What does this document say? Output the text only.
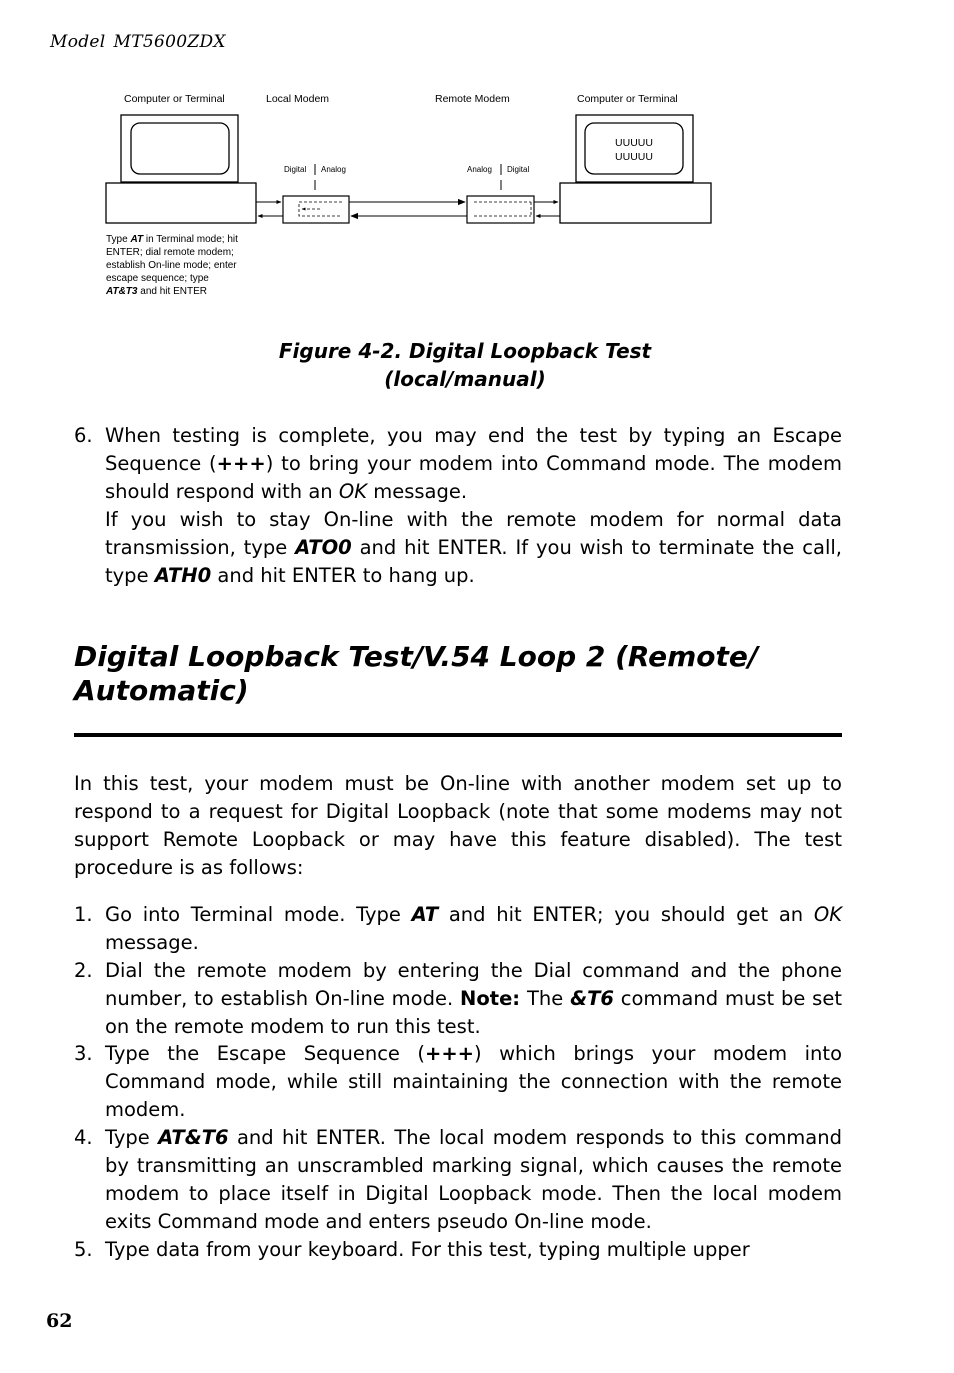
Model MT5600ZDX
Computer or Terminal	Local Modem	Remote Modem	Computer or Terminal
UUUUU
UUUUU
Digital Analog	Analog Digital
Type AT in Terminal mode; hit
ENTER; dial remote modem;
establish On-line mode; enter
escape sequence; type
AT&T3 and hit ENTER
Figure 4-2. Digital Loopback Test
(local/manual)
6. When testing is complete, you may end the test by typing an Escape Sequence (+++) to bring your modem into Command mode. The modem should respond with an OK message.

If you wish to stay On-line with the remote modem for normal data transmission, type ATO0 and hit ENTER. If you wish to terminate the call, type ATH0 and hit ENTER to hang up.

Digital Loopback Test/V.54 Loop 2 (Remote/
Automatic)

In this test, your modem must be On-line with another modem set up to respond to a request for Digital Loopback (note that some modems may not support Remote Loopback or may have this feature disabled). The test procedure is as follows:

1. Go into Terminal mode. Type AT and hit ENTER; you should get an OK message.

2. Dial the remote modem by entering the Dial command and the phone number, to establish On-line mode. Note: The &T6 command must be set on the remote modem to run this test.

3. Type the Escape Sequence (+++) which brings your modem into Command mode, while still maintaining the connection with the remote modem.

4. Type AT&T6 and hit ENTER. The local modem responds to this command by transmitting an unscrambled marking signal, which causes the remote modem to place itself in Digital Loopback mode. Then the local modem exits Command mode and enters pseudo On-line mode.

5. Type data from your keyboard. For this test, typing multiple upper

62
